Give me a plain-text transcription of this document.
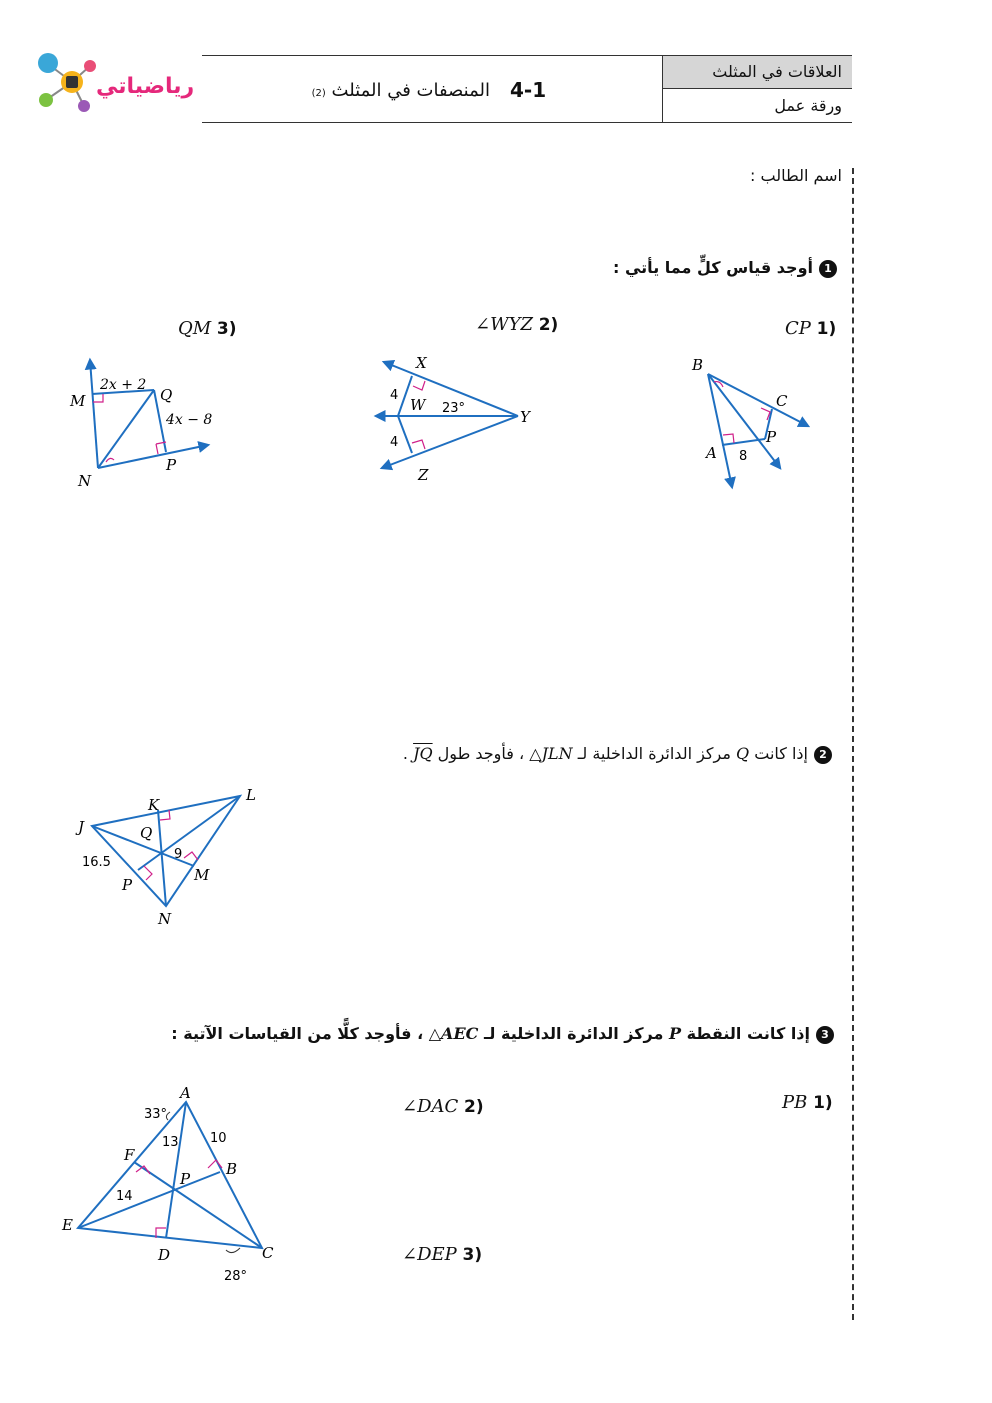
العلاقات في المثلث
ورقة عمل
4-1
المنصفات في المثلث (2)
رياضياتي
اسم الطالب :
1أوجد قياس كلٍّ مما يأتي :
CP 1)
∠WYZ 2)
QM 3)
B
C
P
A 8
X
W
Y
Z
4
4
23°
M	Q
N
P
2x + 2
4x − 8
2إذا كانت Q مركز الدائرة الداخلية لـ △JLN ، فأوجد طول JQ .
J
K
L
Q
P
M
N
16.5
9
3إذا كانت النقطة P مركز الدائرة الداخلية لـ △AEC ، فأوجد كلًّا من القياسات الآتية :
PB 1)
∠DAC 2)
∠DEP 3)
A
B
C
D
E
F
P
33°
28°
13 10
14
